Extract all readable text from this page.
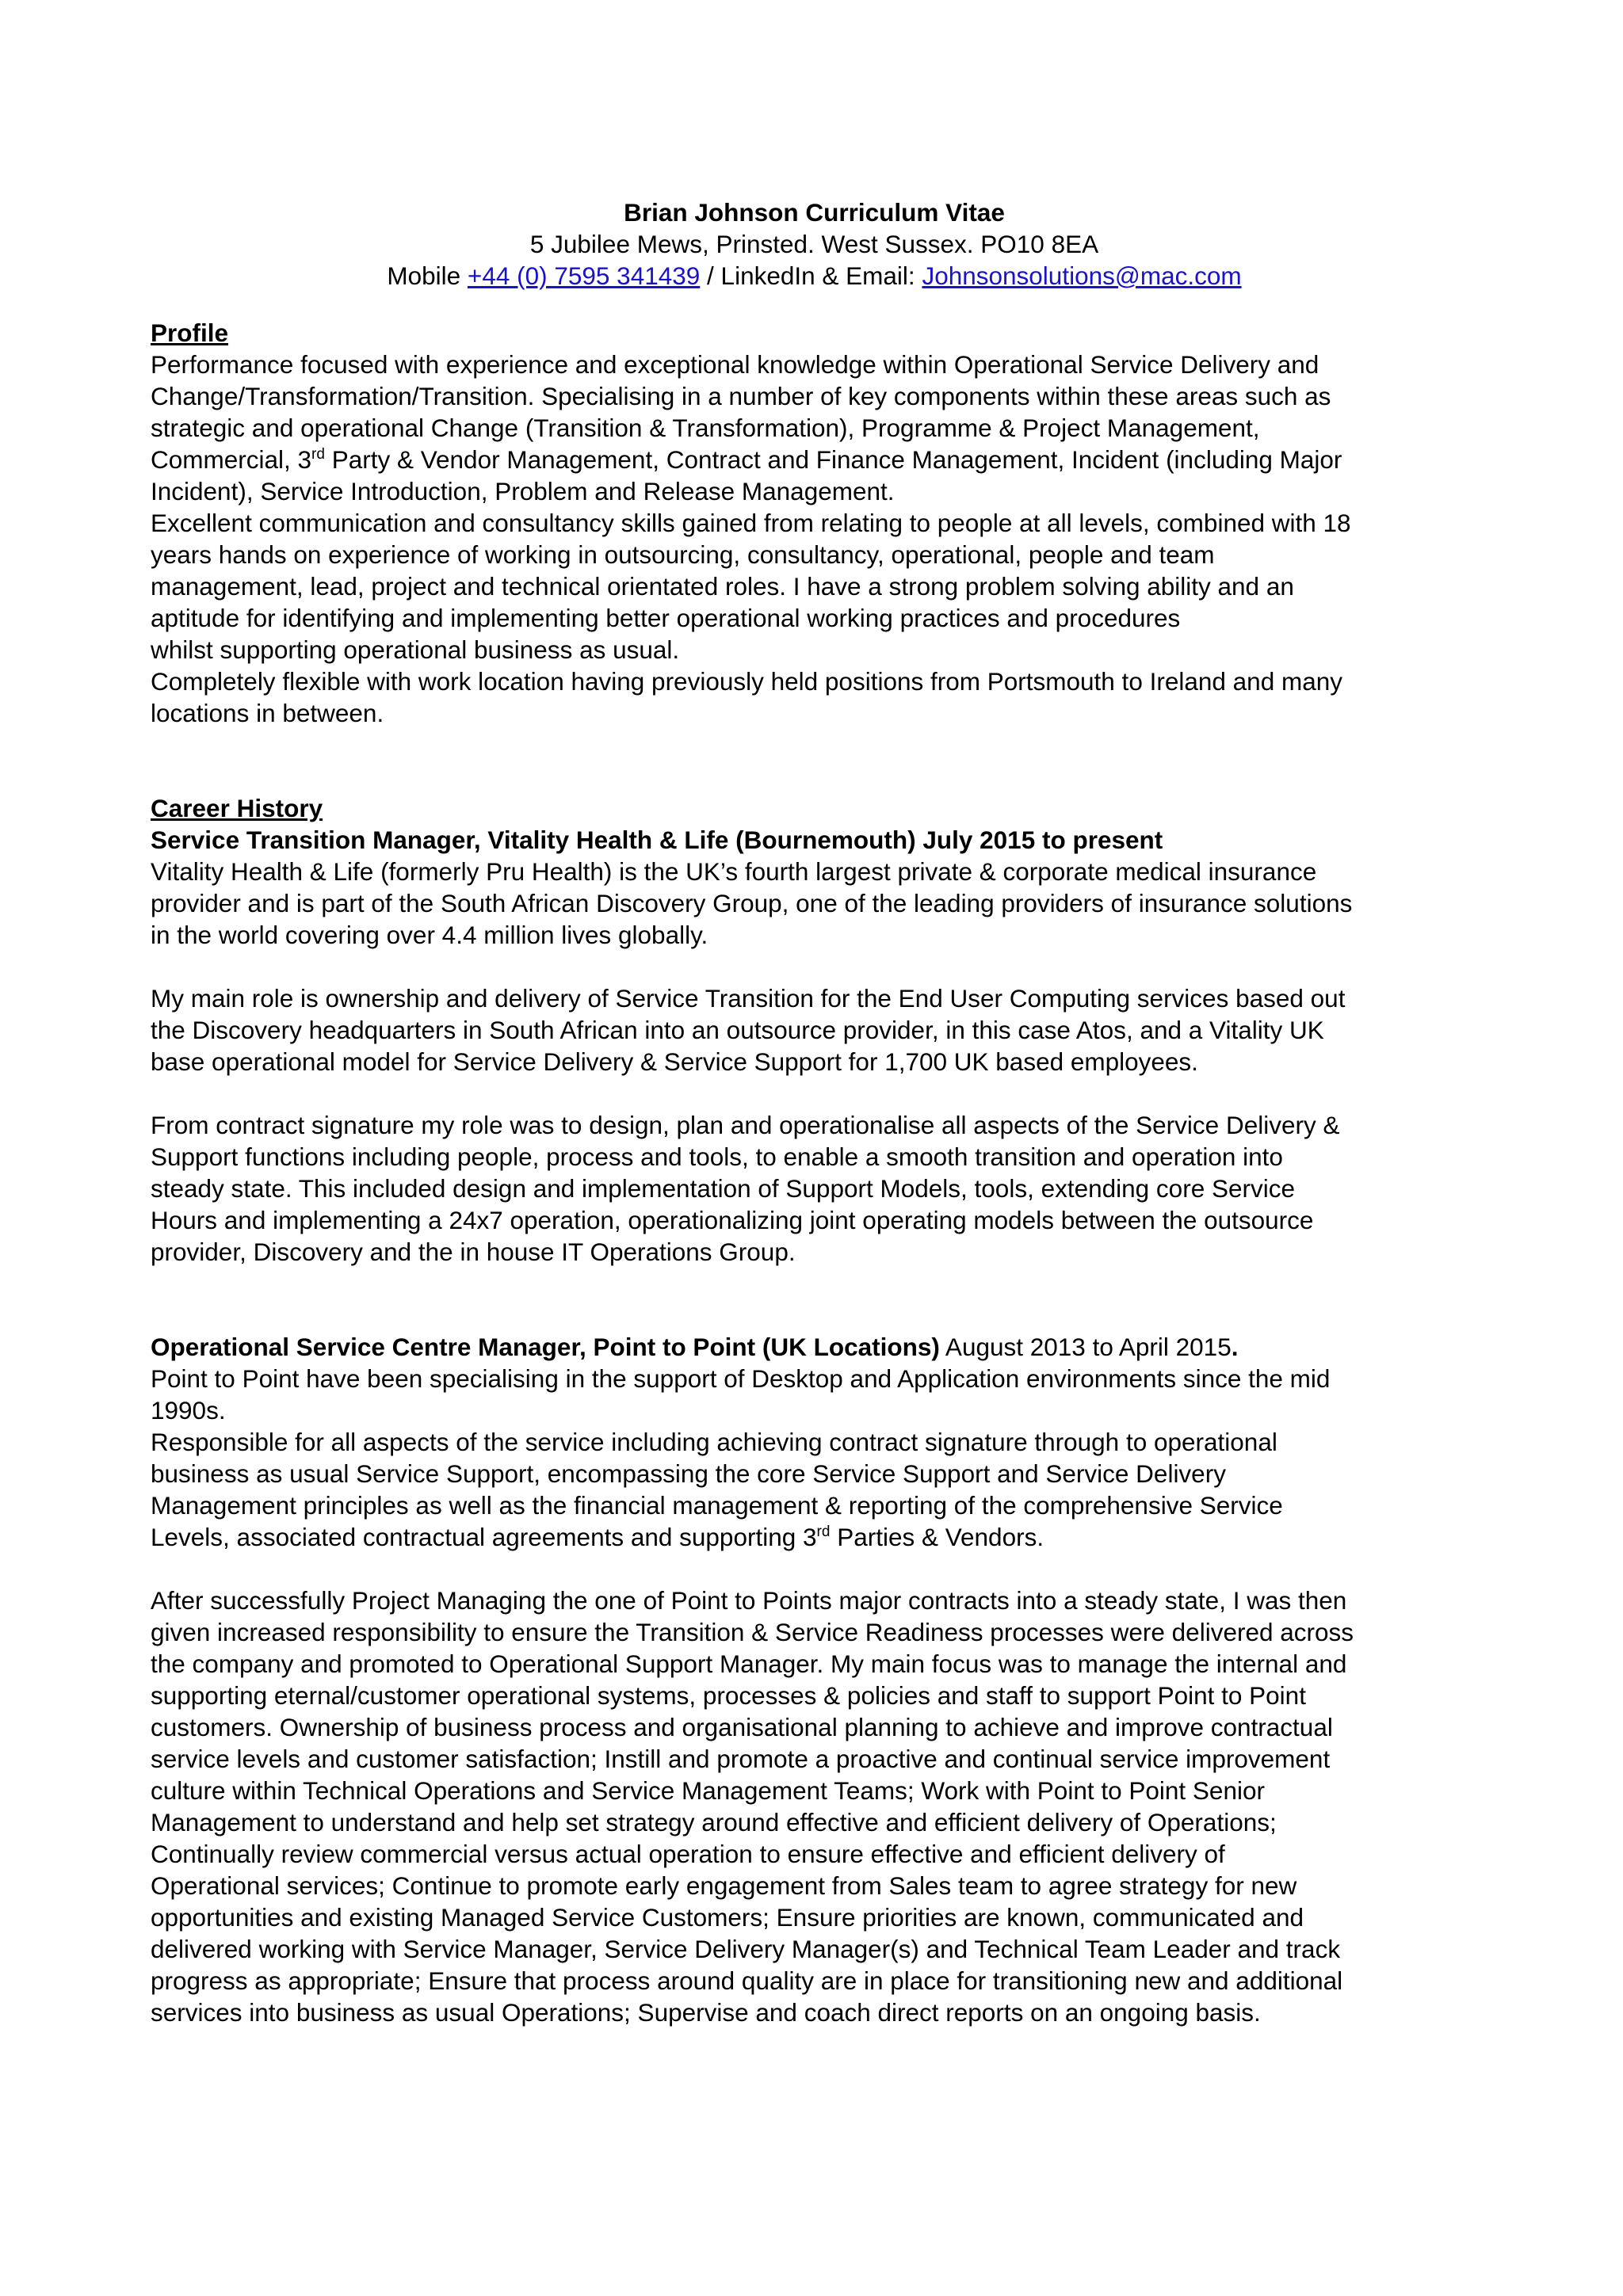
Brian Johnson Curriculum Vitae
5 Jubilee Mews, Prinsted. West Sussex. PO10 8EA
Mobile +44 (0) 7595 341439 / LinkedIn & Email: Johnsonsolutions@mac.com
Profile
Performance focused with experience and exceptional knowledge within Operational Service Delivery and
Change/Transformation/Transition. Specialising in a number of key components within these areas such as
strategic and operational Change (Transition & Transformation), Programme & Project Management,
Commercial, 3rd Party & Vendor Management, Contract and Finance Management, Incident (including Major
Incident), Service Introduction, Problem and Release Management.
Excellent communication and consultancy skills gained from relating to people at all levels, combined with 18
years hands on experience of working in outsourcing, consultancy, operational, people and team
management, lead, project and technical orientated roles. I have a strong problem solving ability and an
aptitude for identifying and implementing better operational working practices and procedures
whilst supporting operational business as usual.
Completely flexible with work location having previously held positions from Portsmouth to Ireland and many
locations in between.
Career History
Service Transition Manager, Vitality Health & Life (Bournemouth) July 2015 to present
Vitality Health & Life (formerly Pru Health) is the UK’s fourth largest private & corporate medical insurance
provider and is part of the South African Discovery Group, one of the leading providers of insurance solutions
in the world covering over 4.4 million lives globally.
My main role is ownership and delivery of Service Transition for the End User Computing services based out
the Discovery headquarters in South African into an outsource provider, in this case Atos, and a Vitality UK
base operational model for Service Delivery & Service Support for 1,700 UK based employees.
From contract signature my role was to design, plan and operationalise all aspects of the Service Delivery &
Support functions including people, process and tools, to enable a smooth transition and operation into
steady state. This included design and implementation of Support Models, tools, extending core Service
Hours and implementing a 24x7 operation, operationalizing joint operating models between the outsource
provider, Discovery and the in house IT Operations Group.
Operational Service Centre Manager, Point to Point (UK Locations) August 2013 to April 2015.
Point to Point have been specialising in the support of Desktop and Application environments since the mid
1990s.
Responsible for all aspects of the service including achieving contract signature through to operational
business as usual Service Support, encompassing the core Service Support and Service Delivery
Management principles as well as the financial management & reporting of the comprehensive Service
Levels, associated contractual agreements and supporting 3rd Parties & Vendors.
After successfully Project Managing the one of Point to Points major contracts into a steady state, I was then
given increased responsibility to ensure the Transition & Service Readiness processes were delivered across
the company and promoted to Operational Support Manager. My main focus was to manage the internal and
supporting eternal/customer operational systems, processes & policies and staff to support Point to Point
customers. Ownership of business process and organisational planning to achieve and improve contractual
service levels and customer satisfaction; Instill and promote a proactive and continual service improvement
culture within Technical Operations and Service Management Teams; Work with Point to Point Senior
Management to understand and help set strategy around effective and efficient delivery of Operations;
Continually review commercial versus actual operation to ensure effective and efficient delivery of
Operational services; Continue to promote early engagement from Sales team to agree strategy for new
opportunities and existing Managed Service Customers; Ensure priorities are known, communicated and
delivered working with Service Manager, Service Delivery Manager(s) and Technical Team Leader and track
progress as appropriate; Ensure that process around quality are in place for transitioning new and additional
services into business as usual Operations; Supervise and coach direct reports on an ongoing basis.
